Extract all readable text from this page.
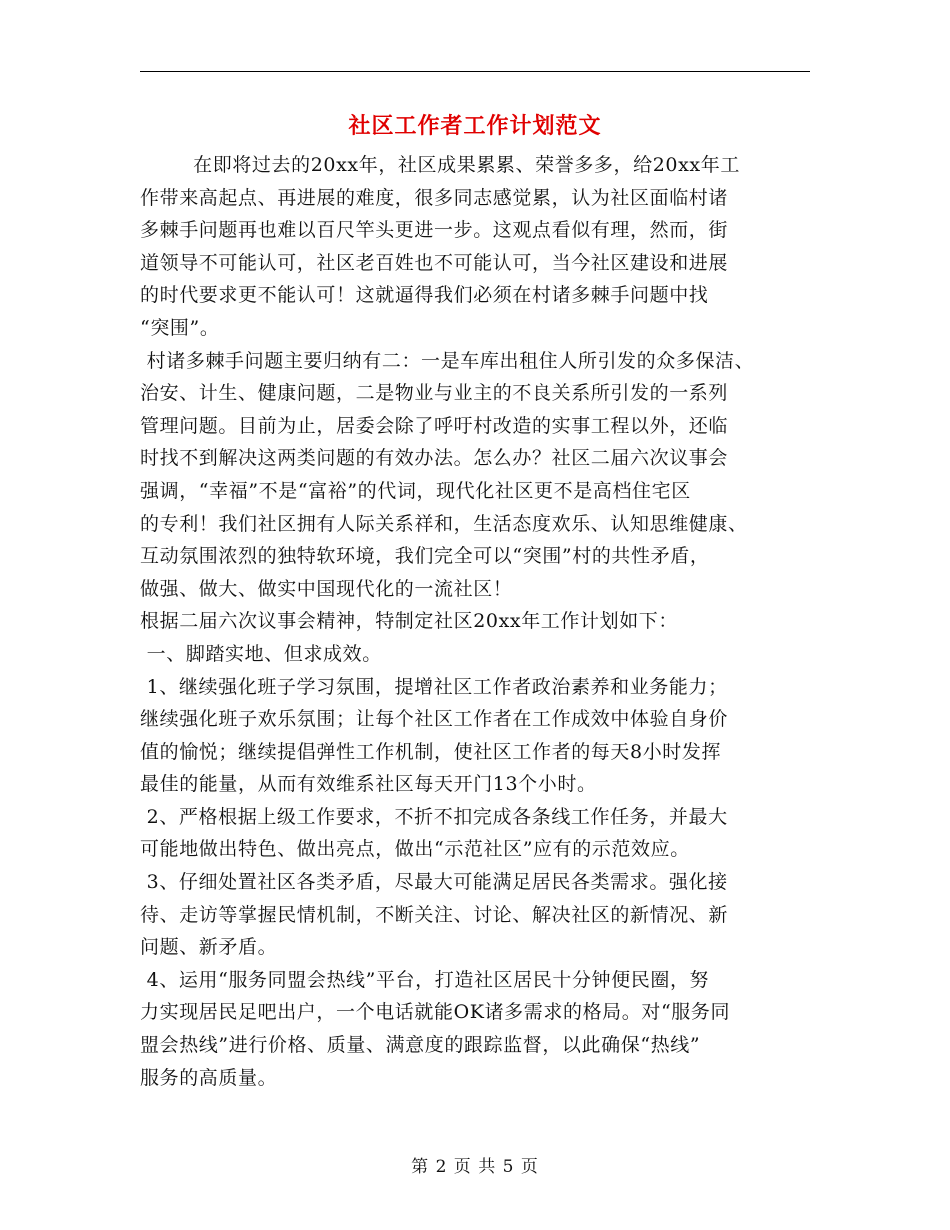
社区工作者工作计划范文
在即将过去的20xx年，社区成果累累、荣誉多多，给20xx年工
作带来高起点、再进展的难度，很多同志感觉累，认为社区面临村诸
多棘手问题再也难以百尺竿头更进一步。这观点看似有理，然而，街
道领导不可能认可，社区老百姓也不可能认可，当今社区建设和进展
的时代要求更不能认可！这就逼得我们必须在村诸多棘手问题中找
“突围”。
村诸多棘手问题主要归纳有二：一是车库出租住人所引发的众多保洁、
治安、计生、健康问题，二是物业与业主的不良关系所引发的一系列
管理问题。目前为止，居委会除了呼吁村改造的实事工程以外，还临
时找不到解决这两类问题的有效办法。怎么办？社区二届六次议事会
强调，“幸福”不是“富裕”的代词，现代化社区更不是高档住宅区
的专利！我们社区拥有人际关系祥和，生活态度欢乐、认知思维健康、
互动氛围浓烈的独特软环境，我们完全可以“突围”村的共性矛盾，
做强、做大、做实中国现代化的一流社区！
根据二届六次议事会精神，特制定社区20xx年工作计划如下：
一、脚踏实地、但求成效。
1、继续强化班子学习氛围，提增社区工作者政治素养和业务能力；
继续强化班子欢乐氛围；让每个社区工作者在工作成效中体验自身价
值的愉悦；继续提倡弹性工作机制，使社区工作者的每天8小时发挥
最佳的能量，从而有效维系社区每天开门13个小时。
2、严格根据上级工作要求，不折不扣完成各条线工作任务，并最大
可能地做出特色、做出亮点，做出“示范社区”应有的示范效应。
3、仔细处置社区各类矛盾，尽最大可能满足居民各类需求。强化接
待、走访等掌握民情机制，不断关注、讨论、解决社区的新情况、新
问题、新矛盾。
4、运用“服务同盟会热线”平台，打造社区居民十分钟便民圈，努
力实现居民足吧出户，一个电话就能OK诸多需求的格局。对“服务同
盟会热线”进行价格、质量、满意度的跟踪监督，以此确保“热线”
服务的高质量。
第 2 页 共 5 页
